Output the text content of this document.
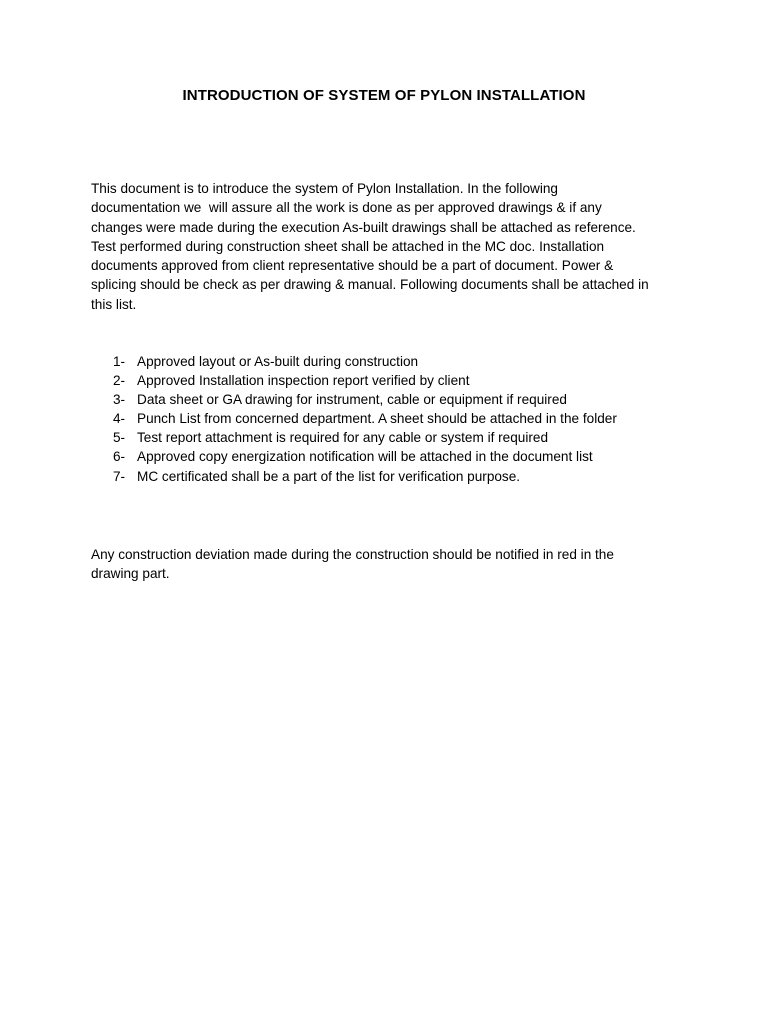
INTRODUCTION OF SYSTEM OF PYLON INSTALLATION
This document is to introduce the system of Pylon Installation. In the following
documentation we  will assure all the work is done as per approved drawings & if any
changes were made during the execution As-built drawings shall be attached as reference.
Test performed during construction sheet shall be attached in the MC doc. Installation
documents approved from client representative should be a part of document. Power &
splicing should be check as per drawing & manual. Following documents shall be attached in
this list.
1- Approved layout or As-built during construction
2- Approved Installation inspection report verified by client
3- Data sheet or GA drawing for instrument, cable or equipment if required
4- Punch List from concerned department. A sheet should be attached in the folder
5- Test report attachment is required for any cable or system if required
6- Approved copy energization notification will be attached in the document list
7- MC certificated shall be a part of the list for verification purpose.
Any construction deviation made during the construction should be notified in red in the
drawing part.
